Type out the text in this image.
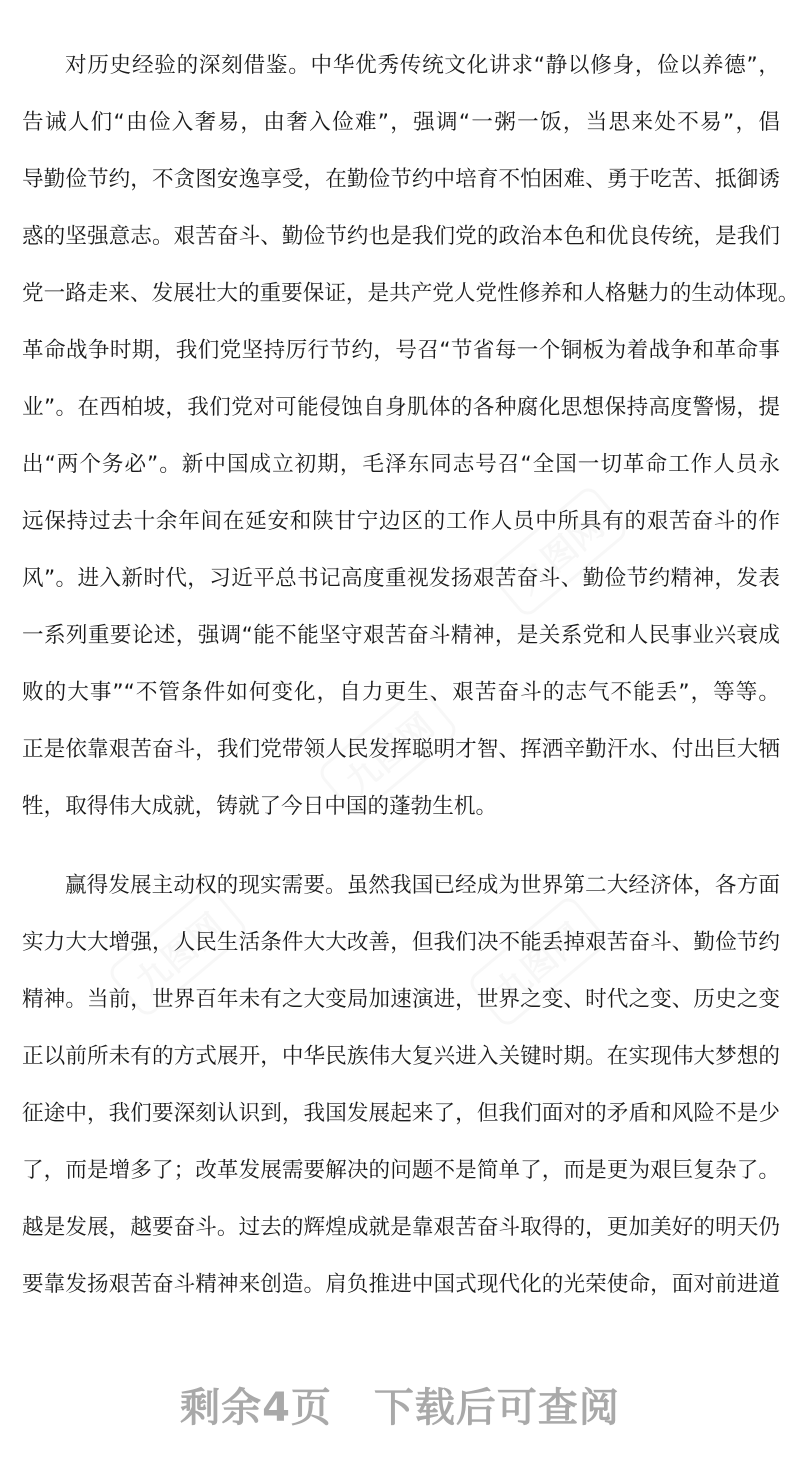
九图网
九图网
九图网	九图网
对历史经验的深刻借鉴。中华优秀传统文化讲求“静以修身，俭以养德”，
告诫人们“由俭入奢易，由奢入俭难”，强调“一粥一饭，当思来处不易”，倡
导勤俭节约，不贪图安逸享受，在勤俭节约中培育不怕困难、勇于吃苦、抵御诱
惑的坚强意志。艰苦奋斗、勤俭节约也是我们党的政治本色和优良传统，是我们
党一路走来、发展壮大的重要保证，是共产党人党性修养和人格魅力的生动体现。
革命战争时期，我们党坚持厉行节约，号召“节省每一个铜板为着战争和革命事
业”。在西柏坡，我们党对可能侵蚀自身肌体的各种腐化思想保持高度警惕，提
出“两个务必”。新中国成立初期，毛泽东同志号召“全国一切革命工作人员永
远保持过去十余年间在延安和陕甘宁边区的工作人员中所具有的艰苦奋斗的作
风”。进入新时代，习近平总书记高度重视发扬艰苦奋斗、勤俭节约精神，发表
一系列重要论述，强调“能不能坚守艰苦奋斗精神，是关系党和人民事业兴衰成
败的大事”“不管条件如何变化，自力更生、艰苦奋斗的志气不能丢”，等等。
正是依靠艰苦奋斗，我们党带领人民发挥聪明才智、挥洒辛勤汗水、付出巨大牺
牲，取得伟大成就，铸就了今日中国的蓬勃生机。
赢得发展主动权的现实需要。虽然我国已经成为世界第二大经济体，各方面
实力大大增强，人民生活条件大大改善，但我们决不能丢掉艰苦奋斗、勤俭节约
精神。当前，世界百年未有之大变局加速演进，世界之变、时代之变、历史之变
正以前所未有的方式展开，中华民族伟大复兴进入关键时期。在实现伟大梦想的
征途中，我们要深刻认识到，我国发展起来了，但我们面对的矛盾和风险不是少
了，而是增多了；改革发展需要解决的问题不是简单了，而是更为艰巨复杂了。
越是发展，越要奋斗。过去的辉煌成就是靠艰苦奋斗取得的，更加美好的明天仍
要靠发扬艰苦奋斗精神来创造。肩负推进中国式现代化的光荣使命，面对前进道
剩余4页 下载后可查阅
